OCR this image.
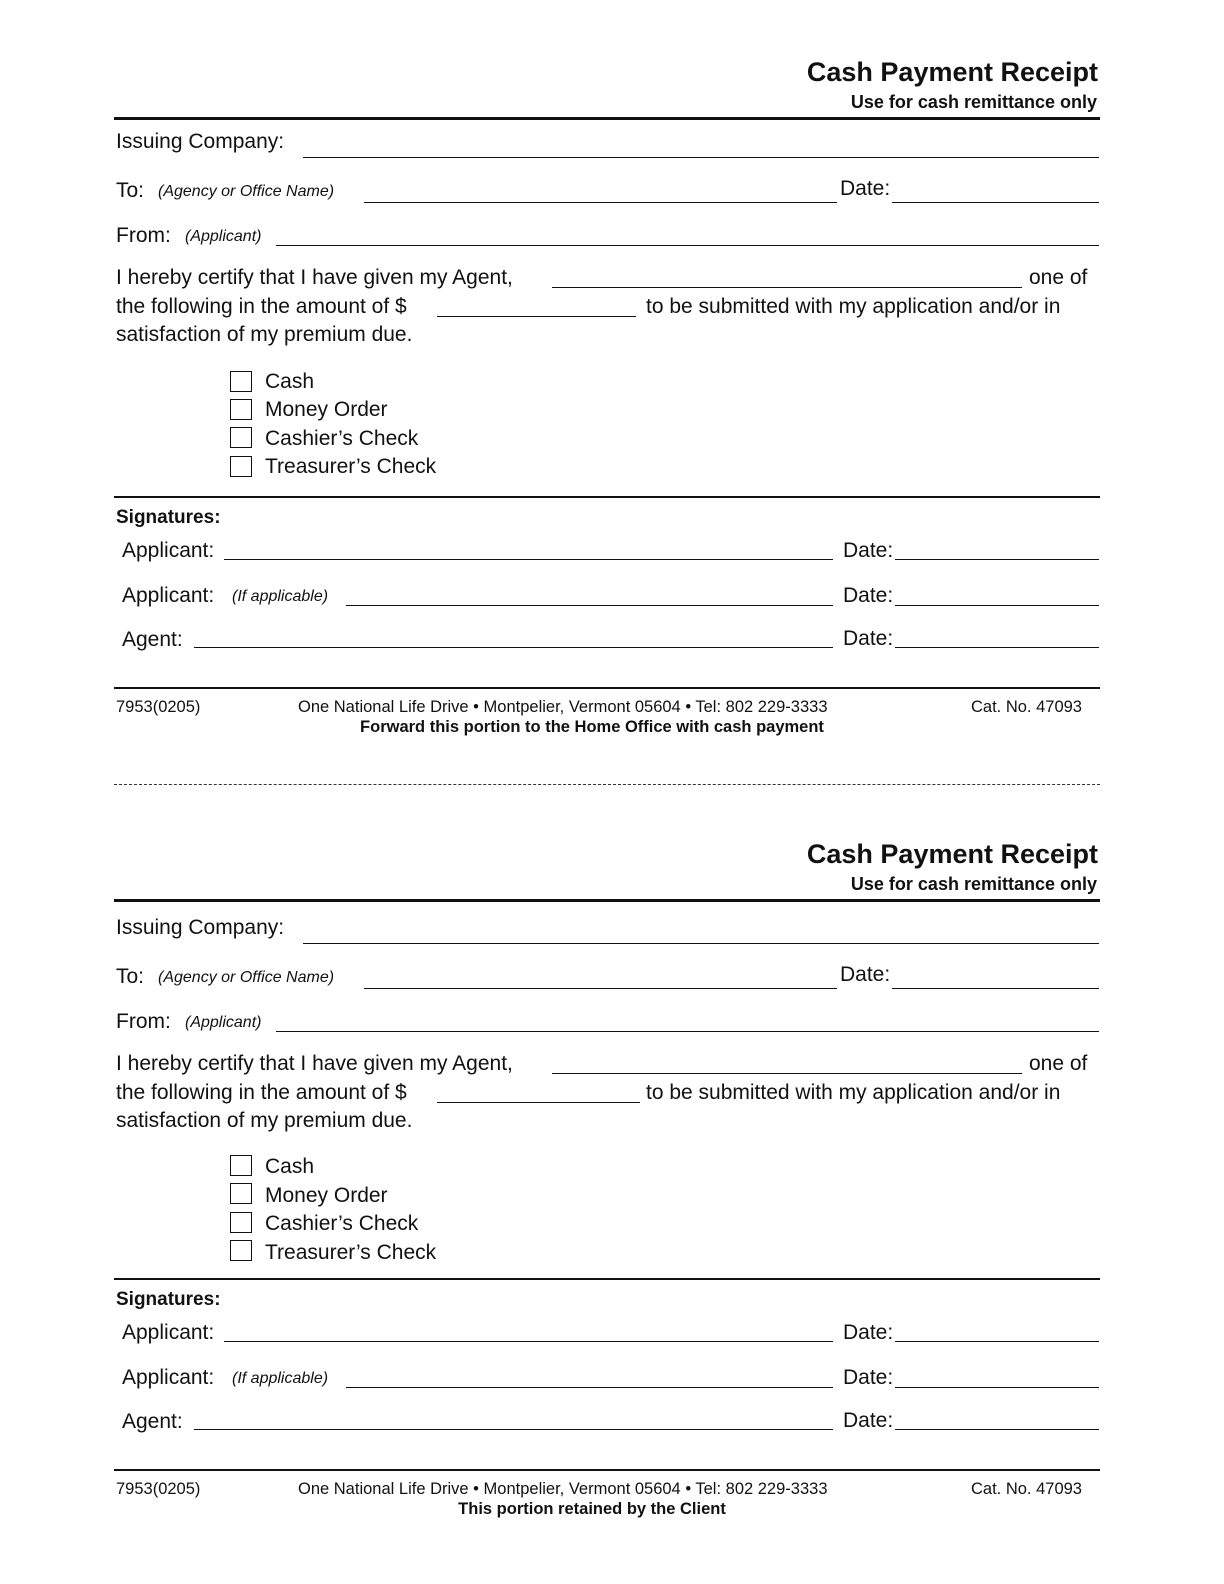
Cash Payment Receipt
Use for cash remittance only
Issuing Company:
To: (Agency or Office Name)	Date:
From: (Applicant)
I hereby certify that I have given my Agent,	one of
the following in the amount of $	to be submitted with my application and/or in
satisfaction of my premium due.
Cash
Money Order
Cashier’s Check
Treasurer’s Check
Signatures:
Applicant:	Date:
Applicant: (If applicable)	Date:
Agent:	Date:
7953(0205)	One National Life Drive • Montpelier, Vermont 05604 • Tel: 802 229-3333	Cat. No. 47093
Forward this portion to the Home Office with cash payment
Cash Payment Receipt
Use for cash remittance only
Issuing Company:
To: (Agency or Office Name)	Date:
From: (Applicant)
I hereby certify that I have given my Agent,	one of
the following in the amount of $	to be submitted with my application and/or in
satisfaction of my premium due.
Cash
Money Order
Cashier’s Check
Treasurer’s Check
Signatures:
Applicant:	Date:
Applicant: (If applicable)	Date:
Agent:	Date:
7953(0205)	One National Life Drive • Montpelier, Vermont 05604 • Tel: 802 229-3333	Cat. No. 47093
This portion retained by the Client
